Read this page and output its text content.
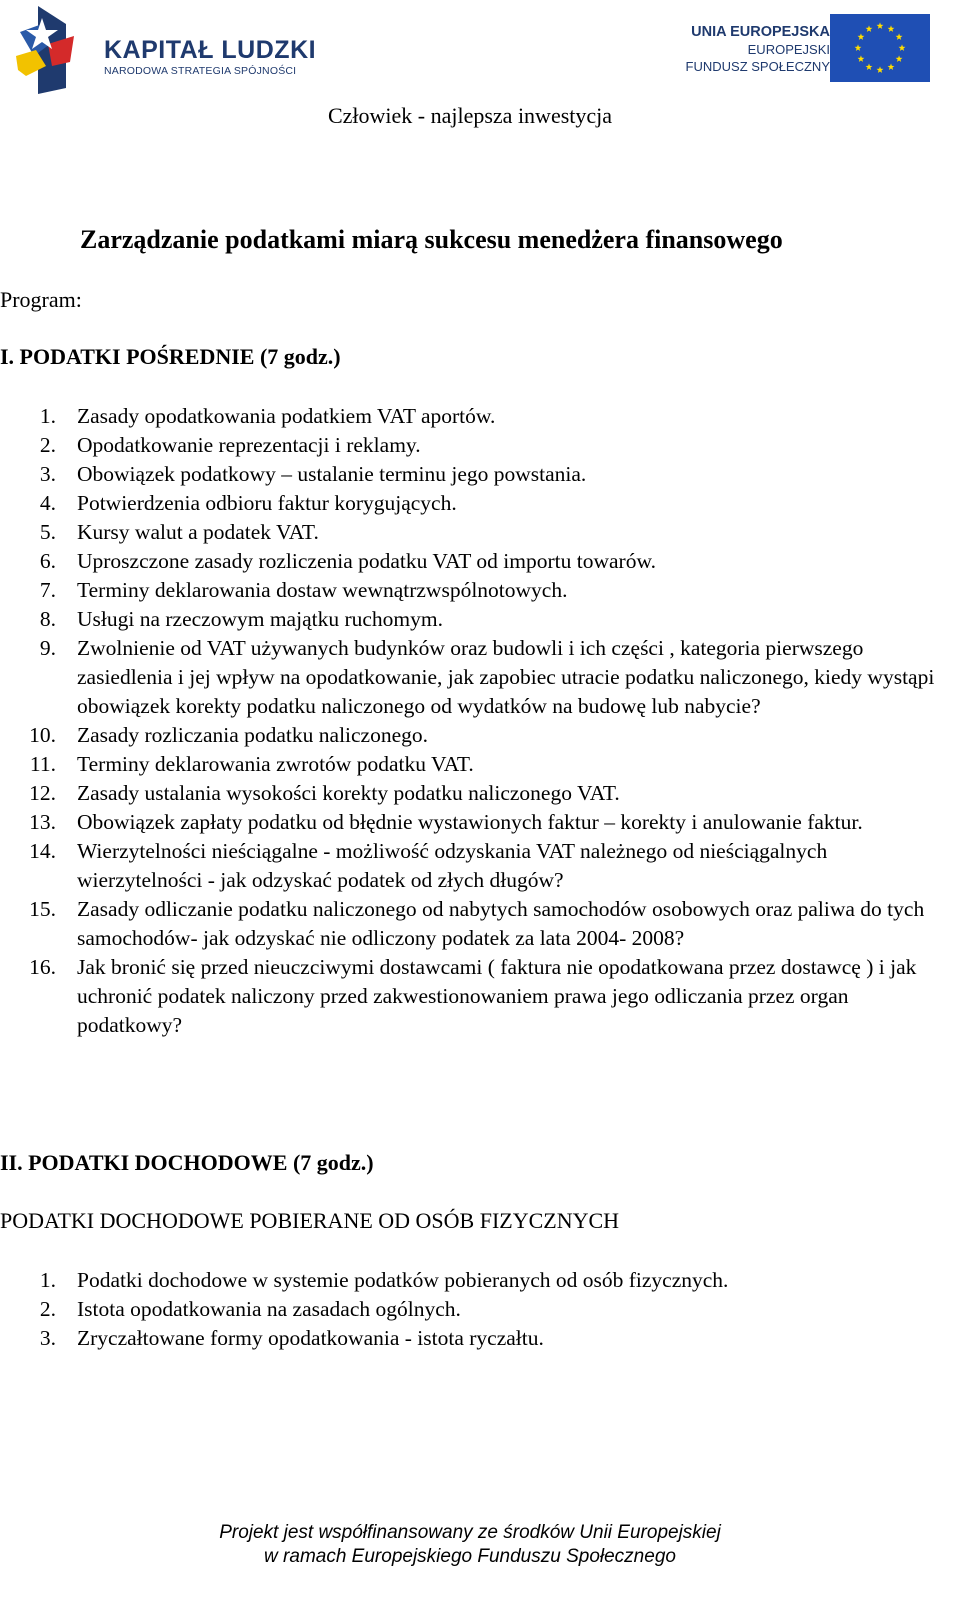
KAPITAŁ LUDZKI
NARODOWA STRATEGIA SPÓJNOŚCI
UNIA EUROPEJSKA
EUROPEJSKI
FUNDUSZ SPOŁECZNY
Człowiek - najlepsza inwestycja
Zarządzanie podatkami miarą sukcesu menedżera finansowego
Program:
I. PODATKI POŚREDNIE (7 godz.)
1. Zasady opodatkowania podatkiem VAT aportów.
2. Opodatkowanie reprezentacji i reklamy.
3. Obowiązek podatkowy – ustalanie terminu jego powstania.
4. Potwierdzenia odbioru faktur korygujących.
5. Kursy walut a podatek VAT.
6. Uproszczone zasady rozliczenia podatku VAT od importu towarów.
7. Terminy deklarowania dostaw wewnątrzwspólnotowych.
8. Usługi na rzeczowym majątku ruchomym.
9. Zwolnienie od VAT używanych budynków oraz budowli i ich części , kategoria pierwszego zasiedlenia i jej wpływ na opodatkowanie, jak zapobiec utracie podatku naliczonego, kiedy wystąpi obowiązek korekty podatku naliczonego od wydatków na budowę lub nabycie?
10. Zasady rozliczania podatku naliczonego.
11. Terminy deklarowania zwrotów podatku VAT.
12. Zasady ustalania wysokości korekty podatku naliczonego VAT.
13. Obowiązek zapłaty podatku od błędnie wystawionych faktur – korekty i anulowanie faktur.
14. Wierzytelności nieściągalne - możliwość odzyskania VAT należnego od nieściągalnych wierzytelności - jak odzyskać podatek od złych długów?
15. Zasady odliczanie podatku naliczonego od nabytych samochodów osobowych oraz paliwa do tych samochodów- jak odzyskać nie odliczony podatek za lata 2004- 2008?
16. Jak bronić się przed nieuczciwymi dostawcami ( faktura nie opodatkowana przez dostawcę ) i jak uchronić podatek naliczony przed zakwestionowaniem prawa jego odliczania przez organ podatkowy?
II. PODATKI DOCHODOWE (7 godz.)
PODATKI DOCHODOWE POBIERANE OD OSÓB FIZYCZNYCH
1. Podatki dochodowe w systemie podatków pobieranych od osób fizycznych.
2. Istota opodatkowania na zasadach ogólnych.
3. Zryczałtowane formy opodatkowania - istota ryczałtu.
Projekt jest współfinansowany ze środków Unii Europejskiej
w ramach Europejskiego Funduszu Społecznego
